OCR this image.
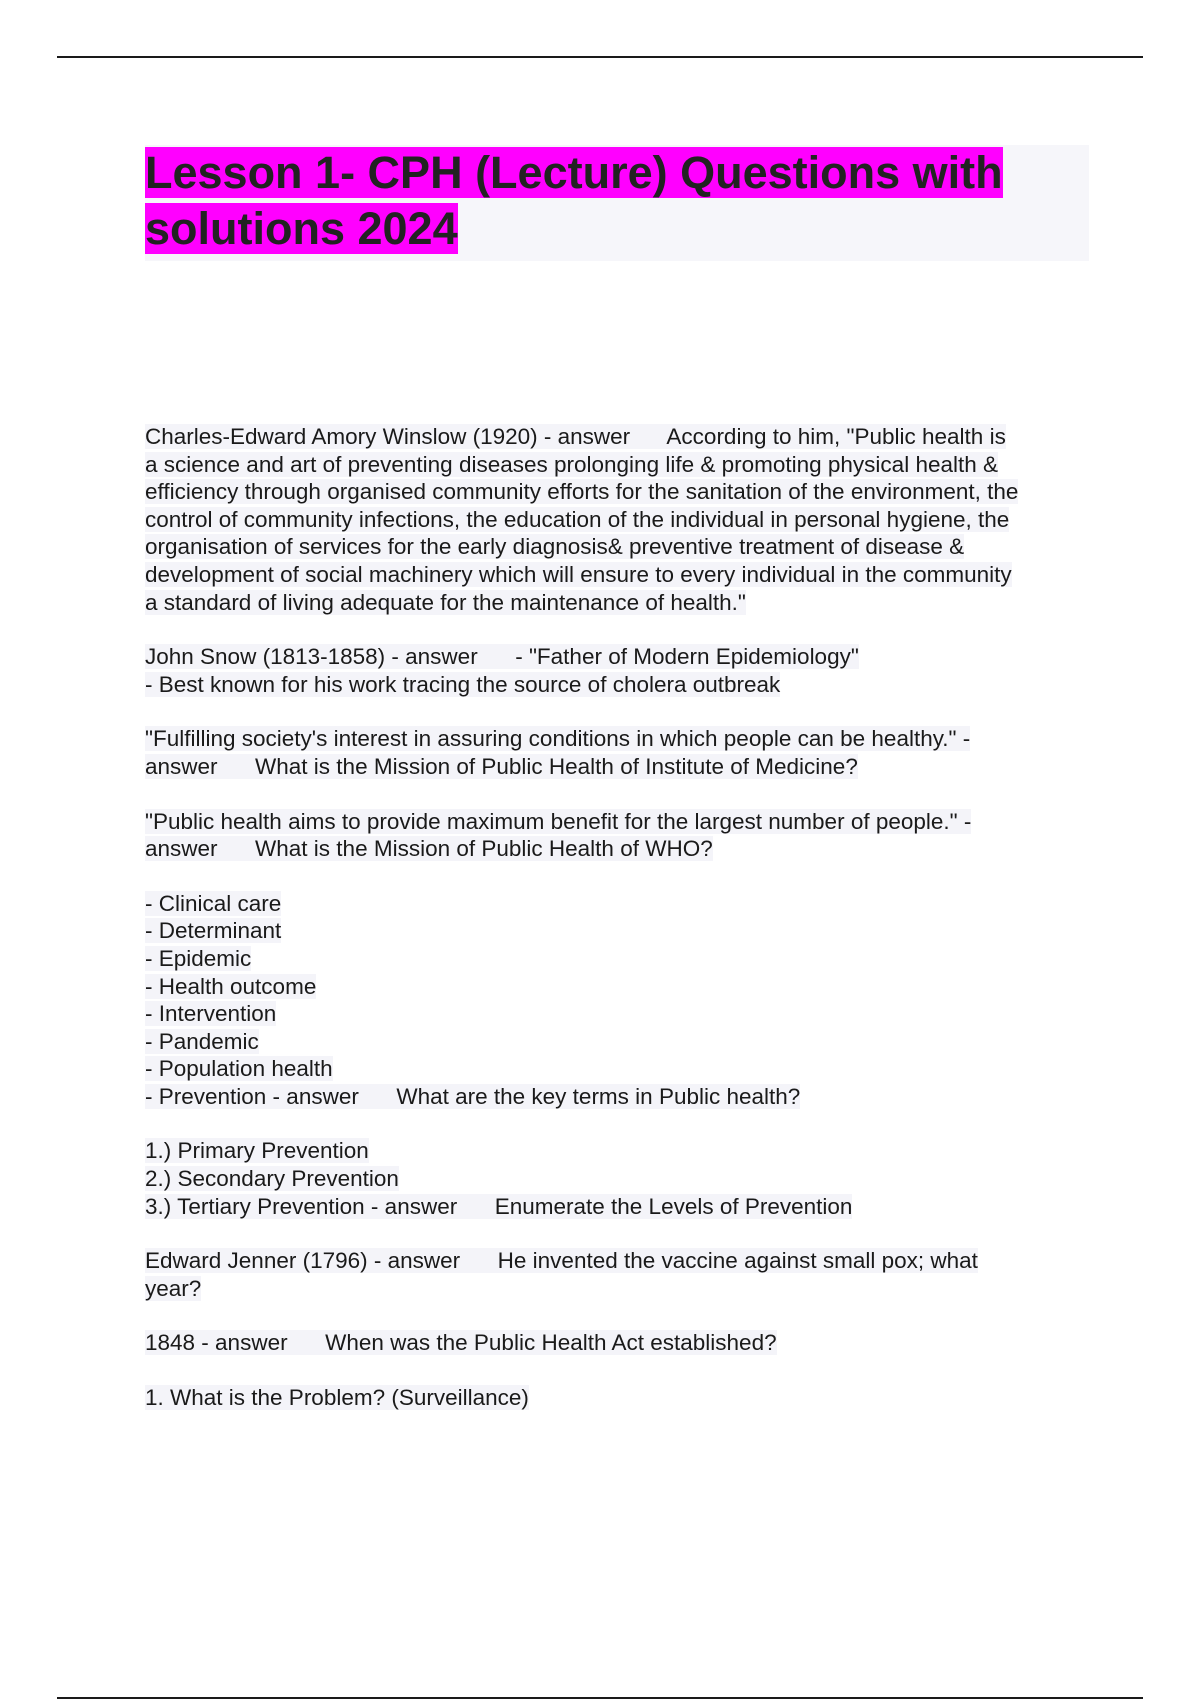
Lesson 1- CPH (Lecture) Questions with
solutions 2024
Charles-Edward Amory Winslow (1920) - answer      According to him, "Public health is
a science and art of preventing diseases prolonging life & promoting physical health &
efficiency through organised community efforts for the sanitation of the environment, the
control of community infections, the education of the individual in personal hygiene, the
organisation of services for the early diagnosis& preventive treatment of disease &
development of social machinery which will ensure to every individual in the community
a standard of living adequate for the maintenance of health."
John Snow (1813-1858) - answer      - "Father of Modern Epidemiology"
- Best known for his work tracing the source of cholera outbreak
"Fulfilling society's interest in assuring conditions in which people can be healthy." -
answer      What is the Mission of Public Health of Institute of Medicine?
"Public health aims to provide maximum benefit for the largest number of people." -
answer      What is the Mission of Public Health of WHO?
- Clinical care
- Determinant
- Epidemic
- Health outcome
- Intervention
- Pandemic
- Population health
- Prevention - answer      What are the key terms in Public health?
1.) Primary Prevention
2.) Secondary Prevention
3.) Tertiary Prevention - answer      Enumerate the Levels of Prevention
Edward Jenner (1796) - answer      He invented the vaccine against small pox; what
year?
1848 - answer      When was the Public Health Act established?
1. What is the Problem? (Surveillance)
